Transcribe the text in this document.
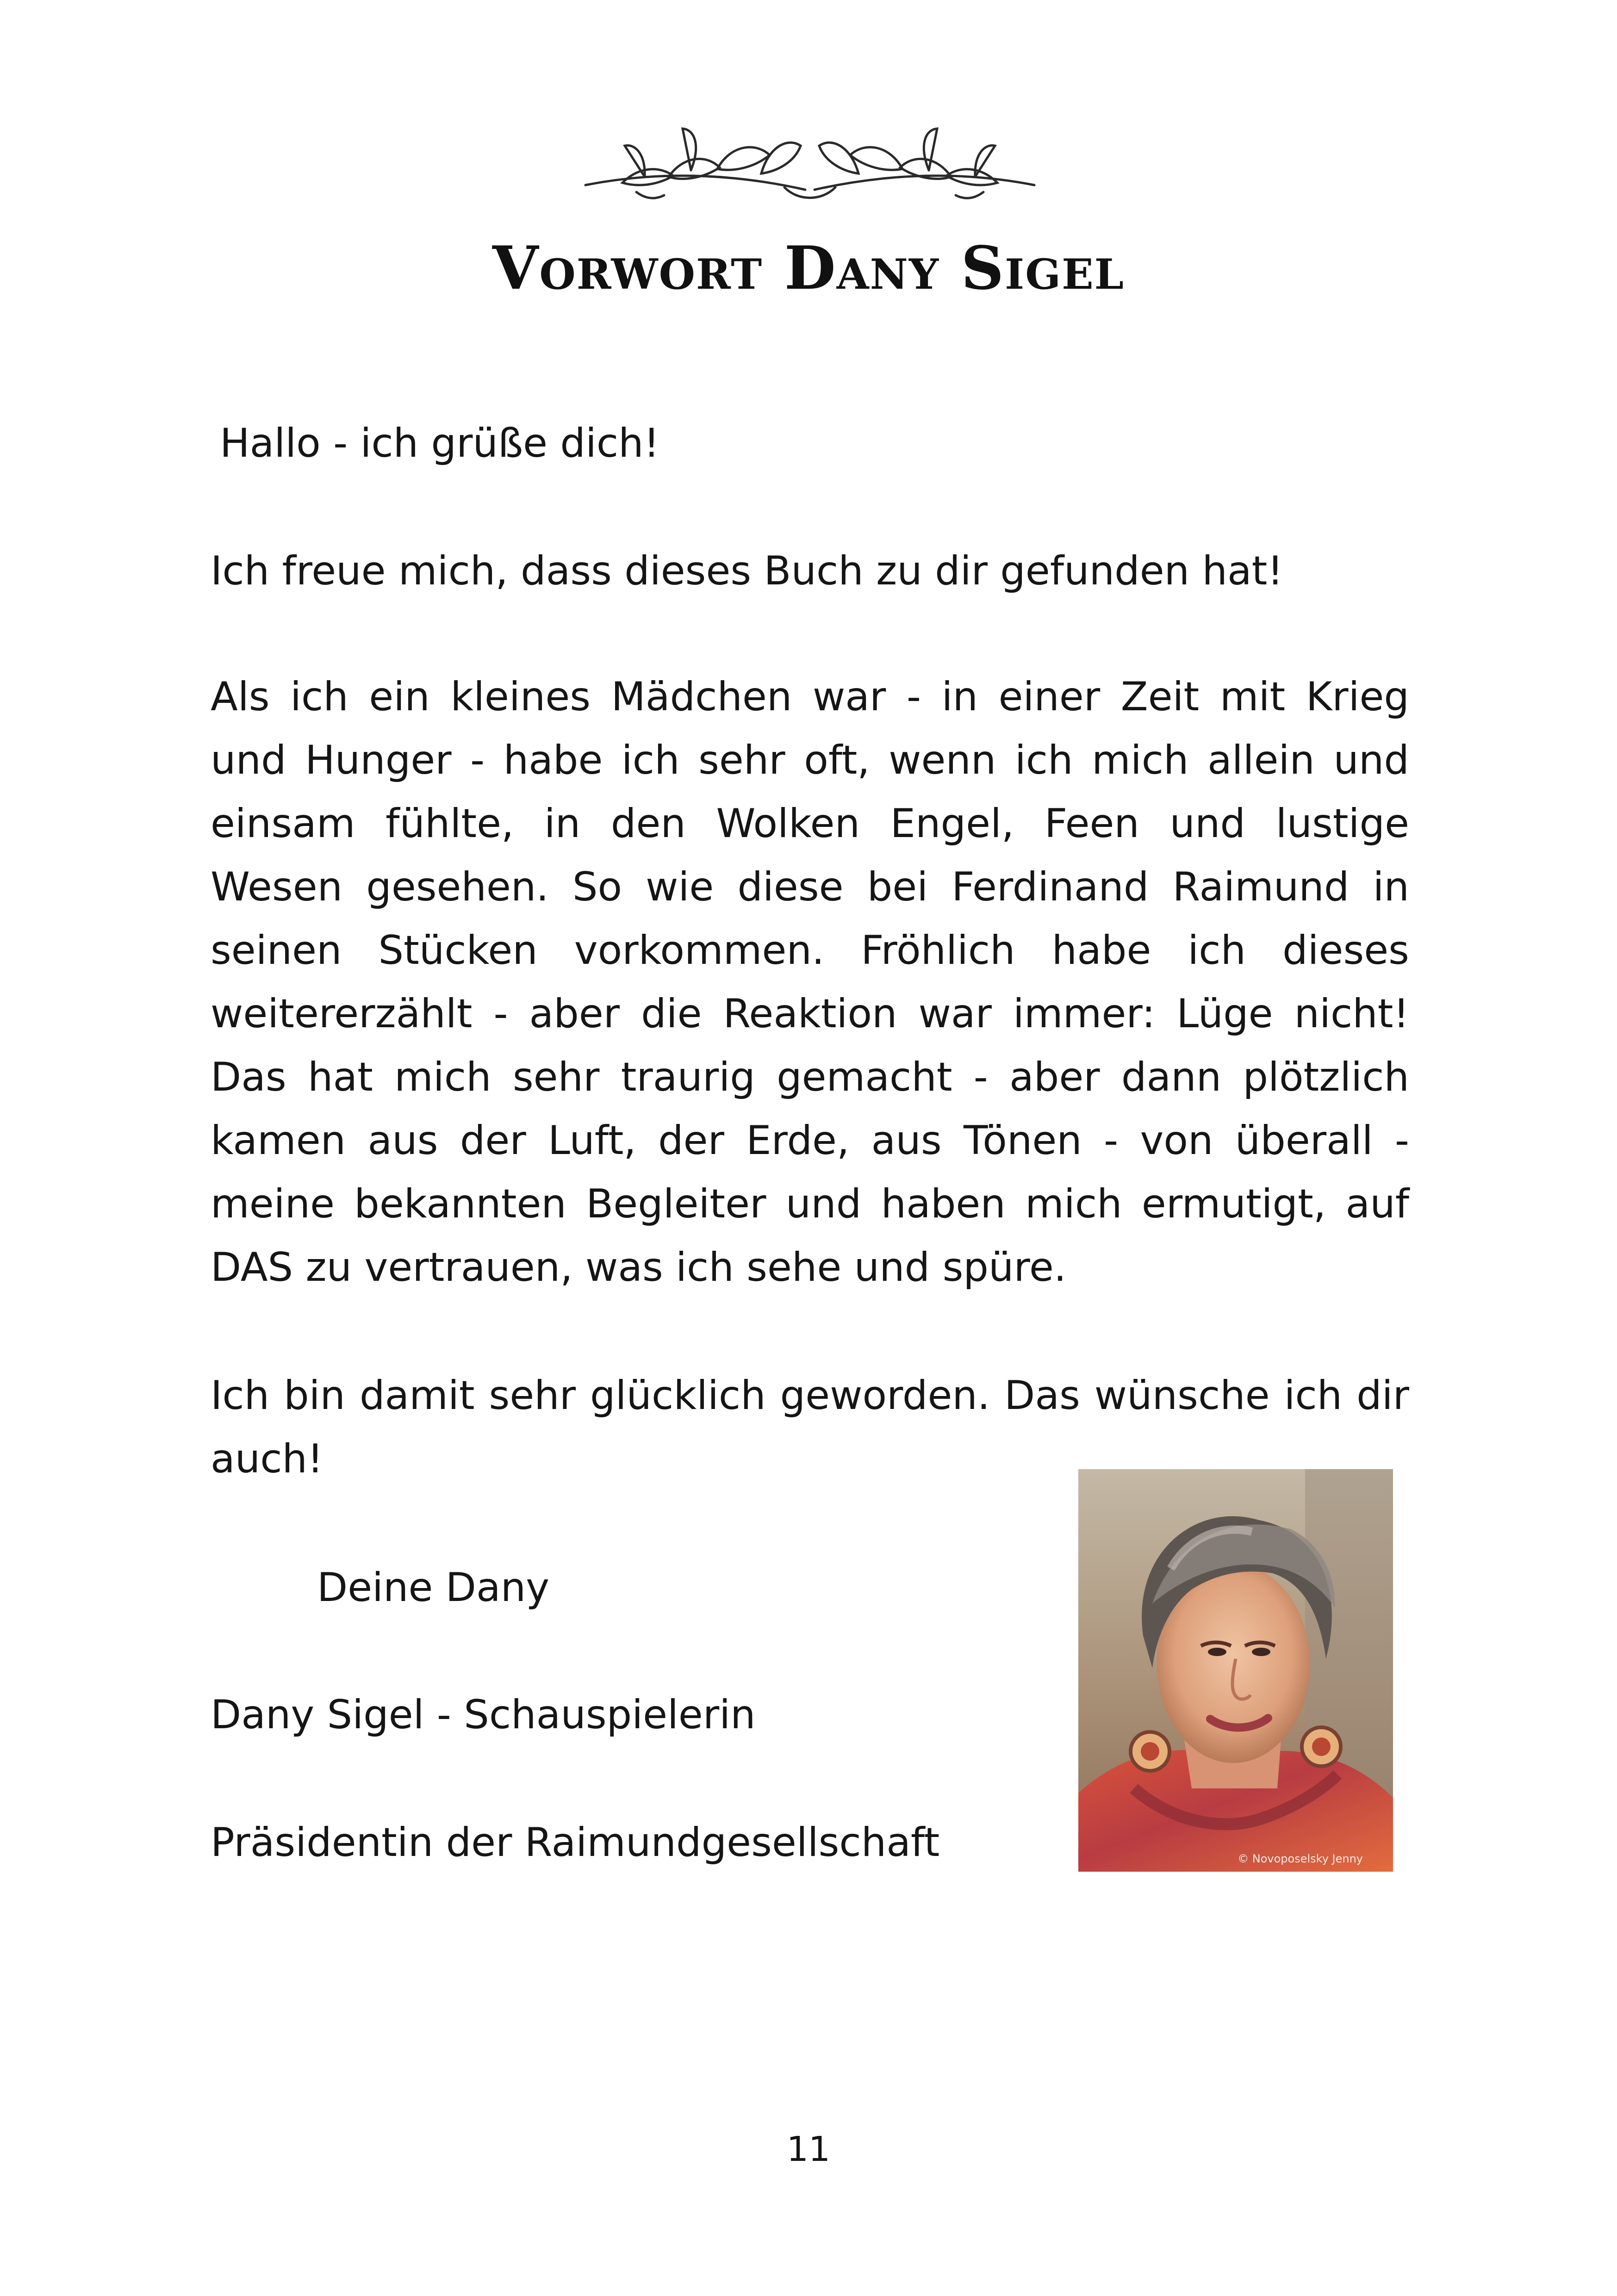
Vorwort Dany Sigel
Hallo - ich grüße dich!
Ich freue mich, dass dieses Buch zu dir gefunden hat!
Als ich ein kleines Mädchen war - in einer Zeit mit Krieg und Hunger - habe ich sehr oft, wenn ich mich allein und einsam fühlte, in den Wolken Engel, Feen und lustige Wesen gesehen. So wie diese bei Ferdinand Raimund in seinen Stücken vorkommen. Fröhlich habe ich dieses weitererzählt - aber die Reaktion war immer: Lüge nicht! Das hat mich sehr traurig gemacht - aber dann plötzlich kamen aus der Luft, der Erde, aus Tönen - von überall - meine bekannten Begleiter und haben mich ermutigt, auf DAS zu vertrauen, was ich sehe und spüre.
Ich bin damit sehr glücklich geworden. Das wünsche ich dir auch!
Deine Dany
Dany Sigel - Schauspielerin
Präsidentin der Raimundgesellschaft	© Novoposelsky Jenny
11
